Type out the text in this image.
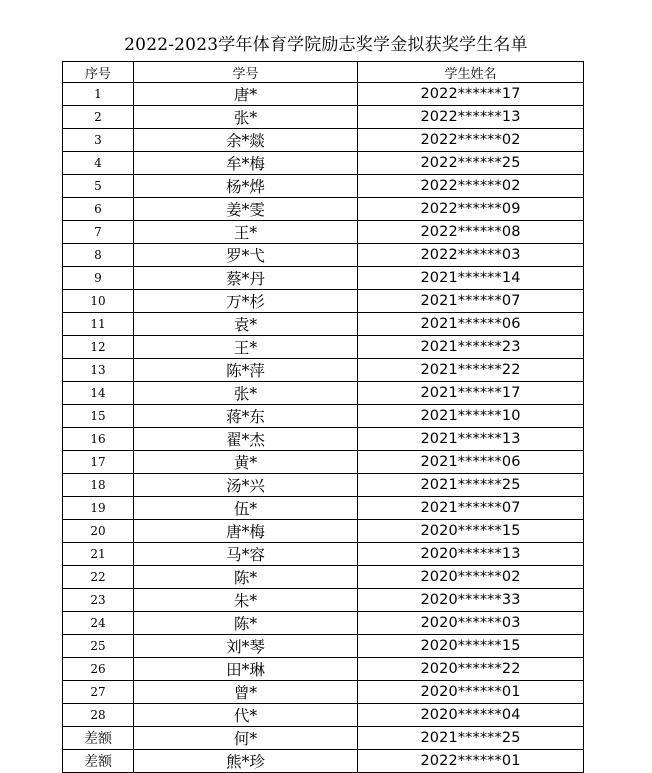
2022-2023学年体育学院励志奖学金拟获奖学生名单
序号	学号	学生姓名
1	唐*	2022******17
2	张*	2022******13
3	余*燚	2022******02
4	牟*梅	2022******25
5	杨*烨	2022******02
6	姜*雯	2022******09
7	王*	2022******08
8	罗*弋	2022******03
9	蔡*丹	2021******14
10	万*杉	2021******07
11	袁*	2021******06
12	王*	2021******23
13	陈*萍	2021******22
14	张*	2021******17
15	蒋*东	2021******10
16	翟*杰	2021******13
17	黄*	2021******06
18	汤*兴	2021******25
19	伍*	2021******07
20	唐*梅	2020******15
21	马*容	2020******13
22	陈*	2020******02
23	朱*	2020******33
24	陈*	2020******03
25	刘*琴	2020******15
26	田*琳	2020******22
27	曾*	2020******01
28	代*	2020******04
差额	何*	2021******25
差额	熊*珍	2022******01
